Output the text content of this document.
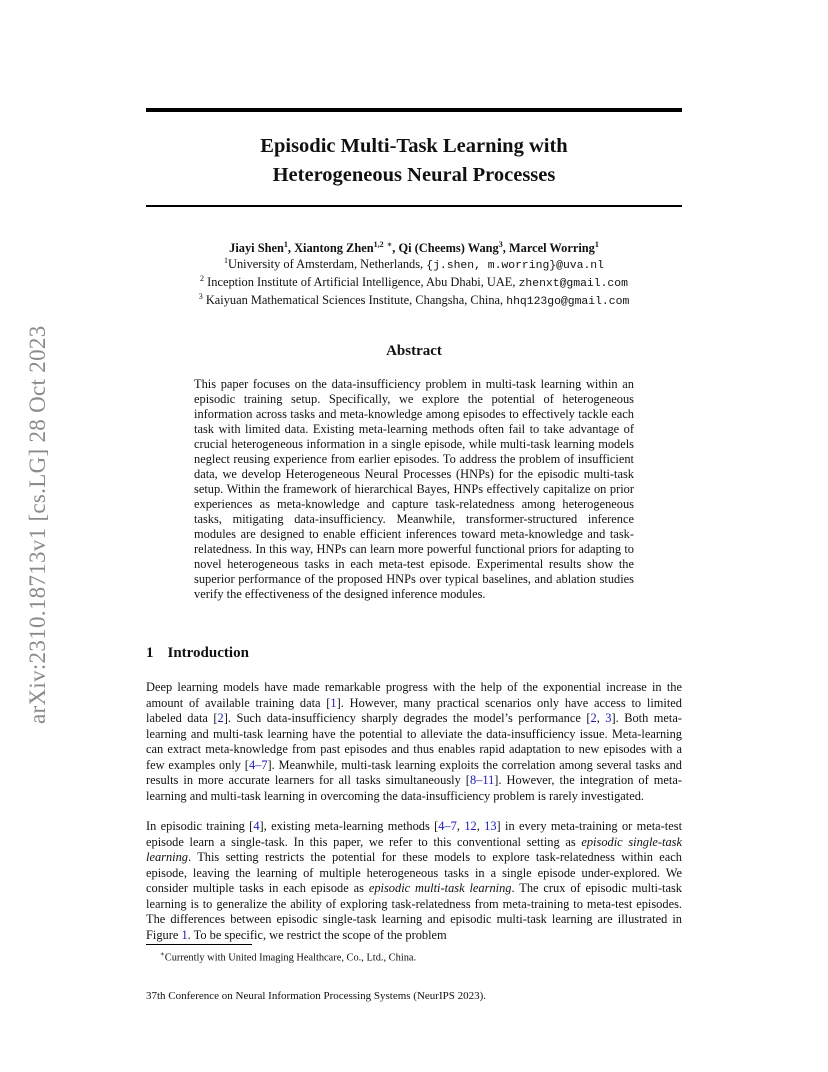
arXiv:2310.18713v1 [cs.LG] 28 Oct 2023
Episodic Multi-Task Learning with
Heterogeneous Neural Processes
Jiayi Shen$^1$, Xiantong Zhen$^{1,2}$ ∗, Qi (Cheems) Wang$^3$, Marcel Worring$^1$
$^1$University of Amsterdam, Netherlands, {j.shen, m.worring}@uva.nl
$^2$ Inception Institute of Artificial Intelligence, Abu Dhabi, UAE, zhenxt@gmail.com
$^3$ Kaiyuan Mathematical Sciences Institute, Changsha, China, hhq123go@gmail.com
Abstract

This paper focuses on the data-insufficiency problem in multi-task learning within an episodic training setup. Specifically, we explore the potential of heterogeneous information across tasks and meta-knowledge among episodes to effectively tackle each task with limited data. Existing meta-learning methods often fail to take advantage of crucial heterogeneous information in a single episode, while multi-task learning models neglect reusing experience from earlier episodes. To address the problem of insufficient data, we develop Heterogeneous Neural Processes (HNPs) for the episodic multi-task setup. Within the framework of hierarchical Bayes, HNPs effectively capitalize on prior experiences as meta-knowledge and capture task-relatedness among heterogeneous tasks, mitigating data-insufficiency. Meanwhile, transformer-structured inference modules are designed to enable efficient inferences toward meta-knowledge and task-relatedness. In this way, HNPs can learn more powerful functional priors for adapting to novel heterogeneous tasks in each meta-test episode. Experimental results show the superior performance of the proposed HNPs over typical baselines, and ablation studies verify the effectiveness of the designed inference modules.

1 Introduction

Deep learning models have made remarkable progress with the help of the exponential increase in the amount of available training data [1]. However, many practical scenarios only have access to limited labeled data [2]. Such data-insufficiency sharply degrades the model’s performance [2, 3]. Both meta-learning and multi-task learning have the potential to alleviate the data-insufficiency issue. Meta-learning can extract meta-knowledge from past episodes and thus enables rapid adaptation to new episodes with a few examples only [4–7]. Meanwhile, multi-task learning exploits the correlation among several tasks and results in more accurate learners for all tasks simultaneously [8–11]. However, the integration of meta-learning and multi-task learning in overcoming the data-insufficiency problem is rarely investigated.

In episodic training [4], existing meta-learning methods [4–7, 12, 13] in every meta-training or meta-test episode learn a single-task. In this paper, we refer to this conventional setting as episodic single-task learning. This setting restricts the potential for these models to explore task-relatedness within each episode, leaving the learning of multiple heterogeneous tasks in a single episode under-explored. We consider multiple tasks in each episode as episodic multi-task learning. The crux of episodic multi-task learning is to generalize the ability of exploring task-relatedness from meta-training to meta-test episodes. The differences between episodic single-task learning and episodic multi-task learning are illustrated in Figure 1. To be specific, we restrict the scope of the problem

∗Currently with United Imaging Healthcare, Co., Ltd., China.
37th Conference on Neural Information Processing Systems (NeurIPS 2023).
